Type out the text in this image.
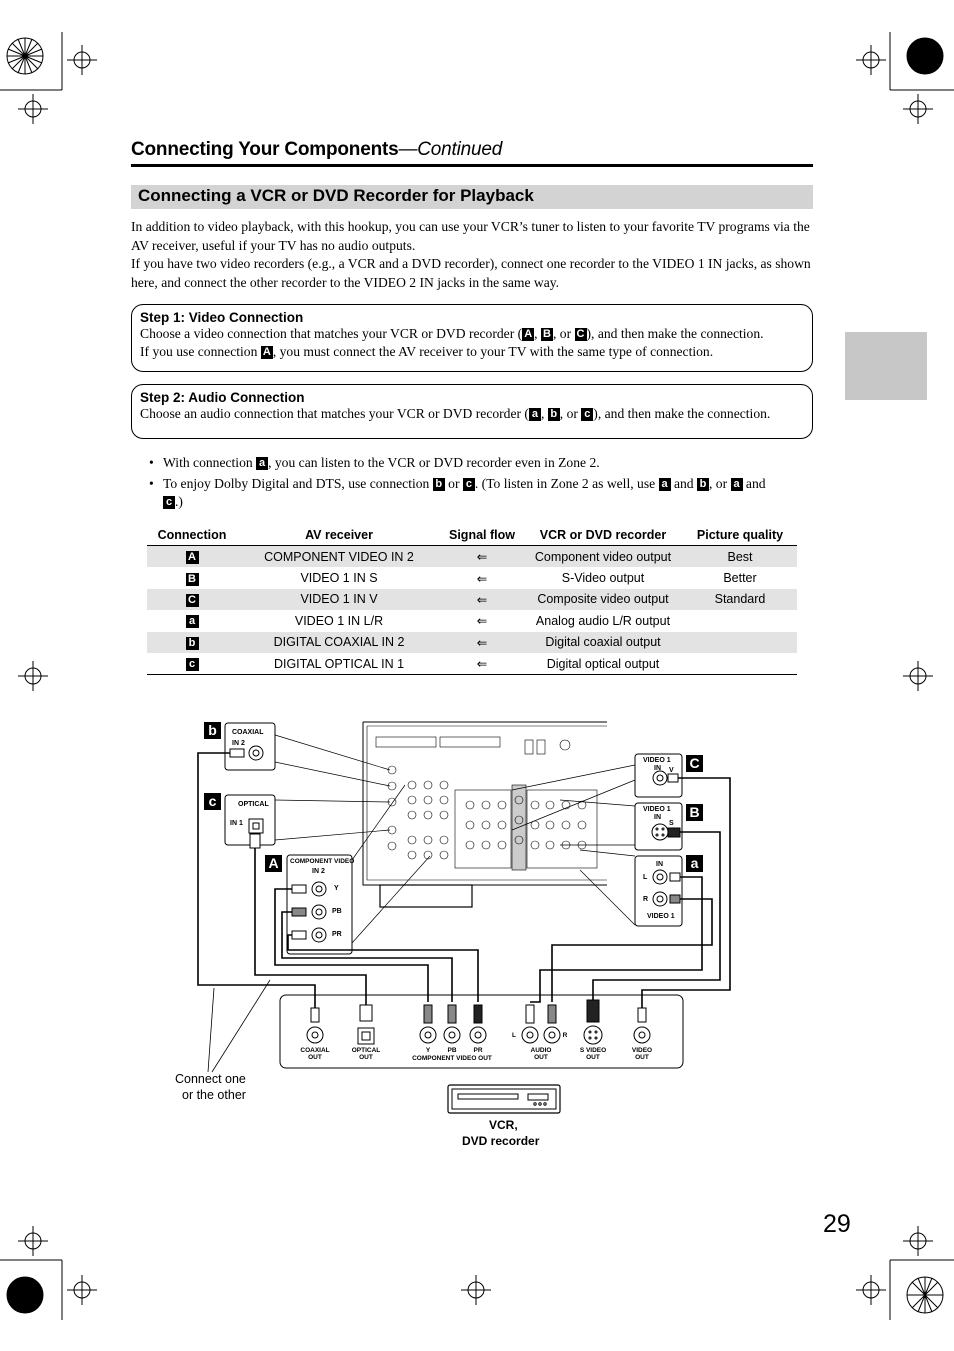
Connecting Your Components—Continued
Connecting a VCR or DVD Recorder for Playback
In addition to video playback, with this hookup, you can use your VCR’s tuner to listen to your favorite TV programs via the AV receiver, useful if your TV has no audio outputs.
If you have two video recorders (e.g., a VCR and a DVD recorder), connect one recorder to the VIDEO 1 IN jacks, as shown here, and connect the other recorder to the VIDEO 2 IN jacks in the same way.

Step 1: Video Connection

Choose a video connection that matches your VCR or DVD recorder ( A , B , or C ), and then make the connection.
If you use connection A , you must connect the AV receiver to your TV with the same type of connection.

Step 2: Audio Connection

Choose an audio connection that matches your VCR or DVD recorder ( a , b , or c ), and then make the connection.

• With connection a , you can listen to the VCR or DVD recorder even in Zone 2.
• To enjoy Dolby Digital and DTS, use connection b or c . (To listen in Zone 2 as well, use a and b , or a and
c .)
Connection	AV receiver	Signal flow	VCR or DVD recorder	Picture quality
A	COMPONENT VIDEO IN 2	⇐	Component video output	Best
B	VIDEO 1 IN S	⇐	S-Video output	Better
C	VIDEO 1 IN V	⇐	Composite video output	Standard
a	VIDEO 1 IN L/R	⇐	Analog audio L/R output	
b	DIGITAL COAXIAL IN 2	⇐	Digital coaxial output	
c	DIGITAL OPTICAL IN 1	⇐	Digital optical output	
b
c
A
C
B
a
COAXIAL
IN 2
OPTICAL
IN 1
COMPONENT VIDEO
IN 2
Y
PB
PR
VIDEO 1
IN V
VIDEO 1
IN
S
IN
L
R
VIDEO 1
COAXIAL
OUT
OPTICAL
OUT
Y	PB	PR
COMPONENT VIDEO OUT
L	R
AUDIO
OUT
S VIDEO
OUT
VIDEO
OUT
Connect one
or the other
VCR,
DVD recorder
29
